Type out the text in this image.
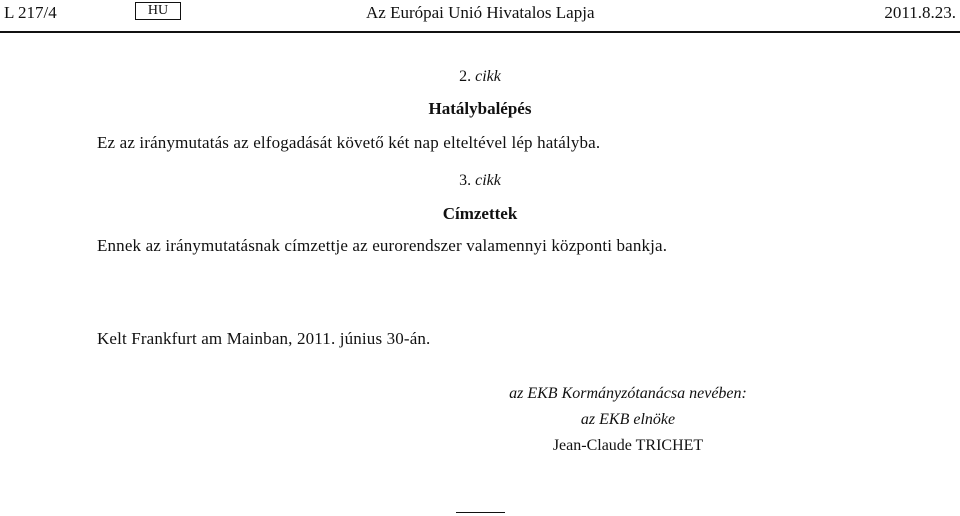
L 217/4	HU	Az Európai Unió Hivatalos Lapja	2011.8.23.
2. cikk
Hatálybalépés
Ez az iránymutatás az elfogadását követő két nap elteltével lép hatályba.
3. cikk
Címzettek
Ennek az iránymutatásnak címzettje az eurorendszer valamennyi központi bankja.
Kelt Frankfurt am Mainban, 2011. június 30-án.
az EKB Kormányzótanácsa nevében:
az EKB elnöke
Jean-Claude TRICHET
